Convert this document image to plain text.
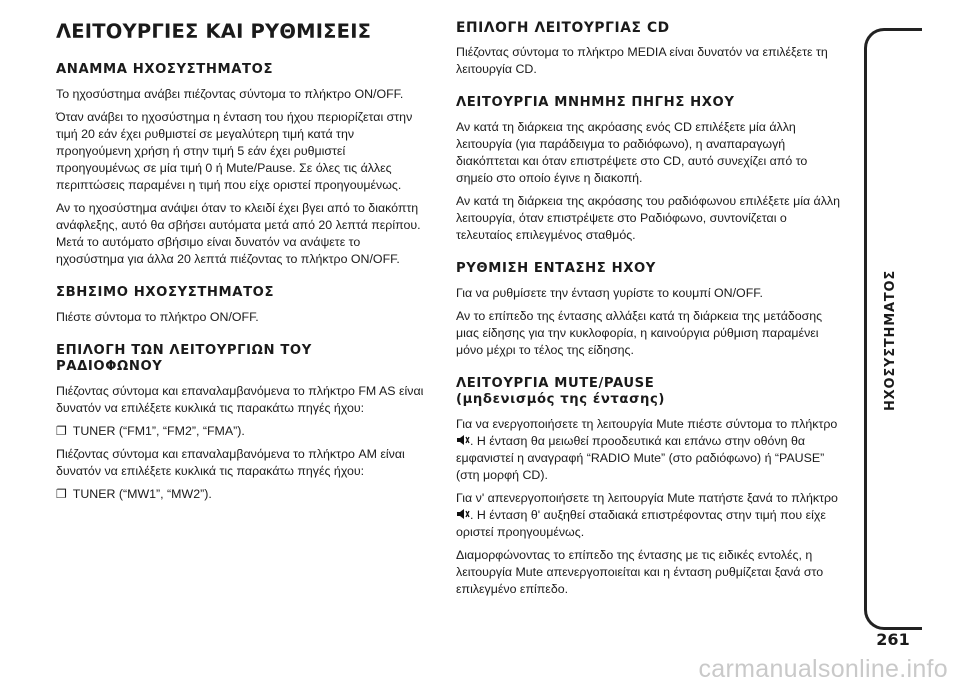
ΛΕΙΤΟΥΡΓΙΕΣ ΚΑΙ ΡΥΘΜΙΣΕΙΣ
ΑΝΑΜΜΑ ΗΧΟΣΥΣΤΗΜΑΤΟΣ

Το ηχοσύστημα ανάβει πιέζοντας σύντομα το πλήκτρο ON/OFF.

Όταν ανάβει το ηχοσύστημα η ένταση του ήχου περιορίζεται στην τιμή 20 εάν έχει ρυθμιστεί σε μεγαλύτερη τιμή κατά την προηγούμενη χρήση ή στην τιμή 5 εάν έχει ρυθμιστεί προηγουμένως σε μία τιμή 0 ή Mute/Pause. Σε όλες τις άλλες περιπτώσεις παραμένει η τιμή που είχε οριστεί προηγουμένως.

Αν το ηχοσύστημα ανάψει όταν το κλειδί έχει βγει από το διακόπτη ανάφλεξης, αυτό θα σβήσει αυτόματα μετά από 20 λεπτά περίπου. Μετά το αυτόματο σβήσιμο είναι δυνατόν να ανάψετε το ηχοσύστημα για άλλα 20 λεπτά πιέζοντας το πλήκτρο ON/OFF.

ΣΒΗΣΙΜΟ ΗΧΟΣΥΣΤΗΜΑΤΟΣ

Πιέστε σύντομα το πλήκτρο ON/OFF.

ΕΠΙΛΟΓΗ ΤΩΝ ΛΕΙΤΟΥΡΓΙΩΝ ΤΟΥ
ΡΑΔΙΟΦΩΝΟΥ

Πιέζοντας σύντομα και επαναλαμβανόμενα το πλήκτρο FM AS είναι δυνατόν να επιλέξετε κυκλικά τις παρακάτω πηγές ήχου:

❐ TUNER (“FM1”, “FM2”, “FMA”).

Πιέζοντας σύντομα και επαναλαμβανόμενα το πλήκτρο AM είναι δυνατόν να επιλέξετε κυκλικά τις παρακάτω πηγές ήχου:

❐ TUNER (“MW1”, “MW2”).
ΕΠΙΛΟΓΗ ΛΕΙΤΟΥΡΓΙΑΣ CD

Πιέζοντας σύντομα το πλήκτρο MEDIA είναι δυνατόν να επιλέξετε τη λειτουργία CD.

ΛΕΙΤΟΥΡΓΙΑ ΜΝΗΜΗΣ ΠΗΓΗΣ ΗΧΟΥ

Αν κατά τη διάρκεια της ακρόασης ενός CD επιλέξετε μία άλλη λειτουργία (για παράδειγμα το ραδιόφωνο), η αναπαραγωγή διακόπτεται και όταν επιστρέψετε στο CD, αυτό συνεχίζει από το σημείο στο οποίο έγινε η διακοπή.

Αν κατά τη διάρκεια της ακρόασης του ραδιόφωνου επιλέξετε μία άλλη λειτουργία, όταν επιστρέψετε στο Ραδιόφωνο, συντονίζεται ο τελευταίος επιλεγμένος σταθμός.

ΡΥΘΜΙΣΗ ΕΝΤΑΣΗΣ ΗΧΟΥ

Για να ρυθμίσετε την ένταση γυρίστε το κουμπί ON/OFF.

Αν το επίπεδο της έντασης αλλάξει κατά τη διάρκεια της μετάδοσης μιας είδησης για την κυκλοφορία, η καινούργια ρύθμιση παραμένει μόνο μέχρι το τέλος της είδησης.

ΛΕΙΤΟΥΡΓΙΑ MUTE/PAUSE
(μηδενισμός της έντασης)

Για να ενεργοποιήσετε τη λειτουργία Mute πιέστε σύντομα το πλήκτρο . Η ένταση θα μειωθεί προοδευτικά και επάνω στην οθόνη θα εμφανιστεί η αναγραφή “RADIO Mute” (στο ραδιόφωνο) ή “PAUSE” (στη μορφή CD).

Για ν' απενεργοποιήσετε τη λειτουργία Mute πατήστε ξανά το πλήκτρο . Η ένταση θ' αυξηθεί σταδιακά επιστρέφοντας στην τιμή που είχε οριστεί προηγουμένως.

Διαμορφώνοντας το επίπεδο της έντασης με τις ειδικές εντολές, η λειτουργία Mute απενεργοποιείται και η ένταση ρυθμίζεται ξανά στο επιλεγμένο επίπεδο.

ΗΧΟΣΥΣΤΗΜΑΤΟΣ
261
carmanualsonline.info
